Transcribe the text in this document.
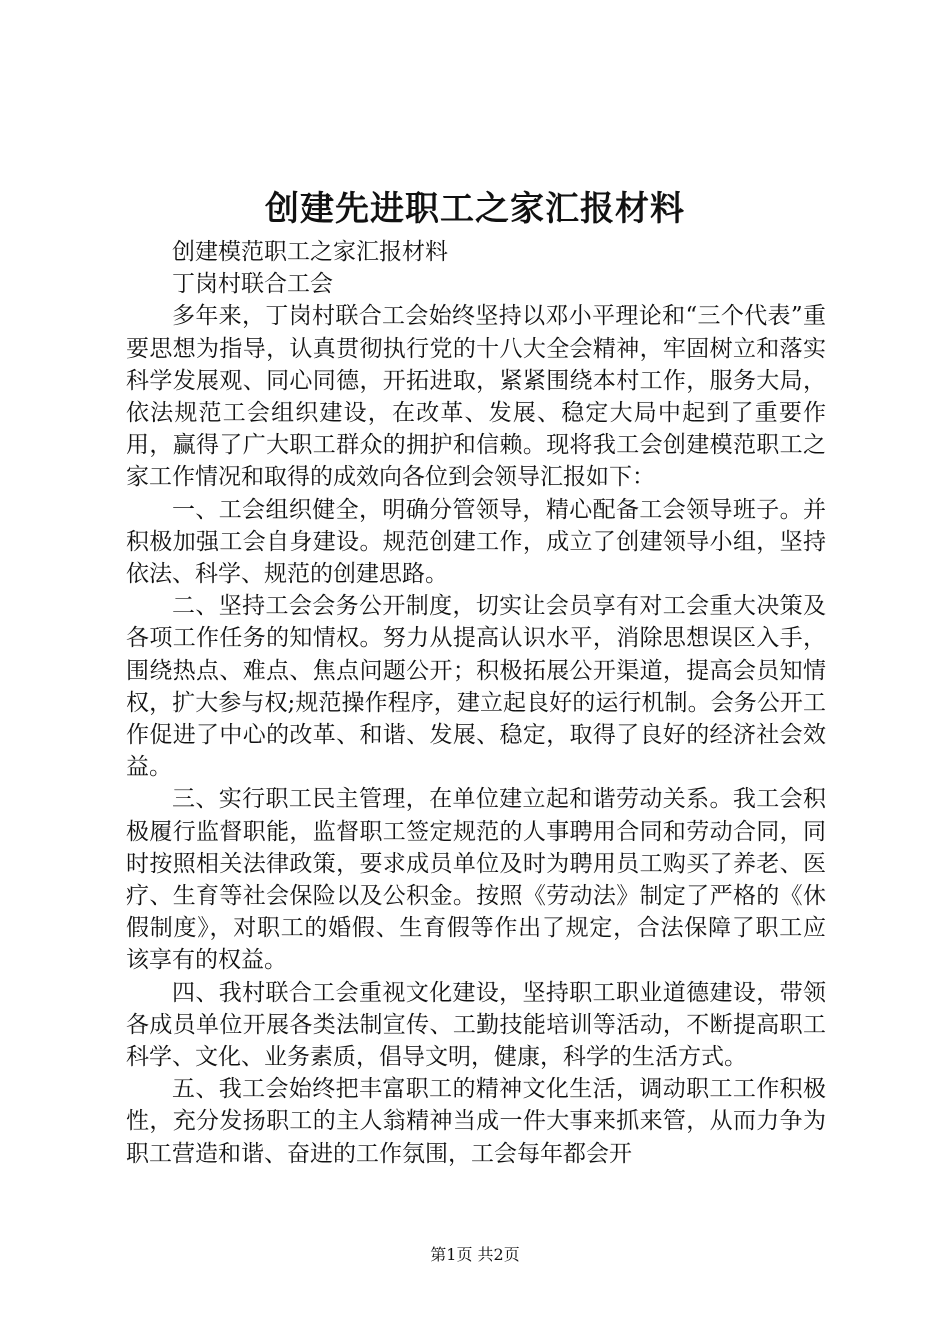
创建先进职工之家汇报材料

创建模范职工之家汇报材料

丁岗村联合工会

多年来，丁岗村联合工会始终坚持以邓小平理论和“三个代表”重要思想为指导，认真贯彻执行党的十八大全会精神，牢固树立和落实科学发展观、同心同德，开拓进取，紧紧围绕本村工作，服务大局，依法规范工会组织建设，在改革、发展、稳定大局中起到了重要作用，赢得了广大职工群众的拥护和信赖。现将我工会创建模范职工之家工作情况和取得的成效向各位到会领导汇报如下：

一、工会组织健全，明确分管领导，精心配备工会领导班子。并积极加强工会自身建设。规范创建工作，成立了创建领导小组，坚持依法、科学、规范的创建思路。

二、坚持工会会务公开制度，切实让会员享有对工会重大决策及各项工作任务的知情权。努力从提高认识水平，消除思想误区入手，围绕热点、难点、焦点问题公开；积极拓展公开渠道，提高会员知情权，扩大参与权;规范操作程序，建立起良好的运行机制。会务公开工作促进了中心的改革、和谐、发展、稳定，取得了良好的经济社会效益。

三、实行职工民主管理，在单位建立起和谐劳动关系。我工会积极履行监督职能，监督职工签定规范的人事聘用合同和劳动合同，同时按照相关法律政策，要求成员单位及时为聘用员工购买了养老、医疗、生育等社会保险以及公积金。按照《劳动法》制定了严格的《休假制度》，对职工的婚假、生育假等作出了规定，合法保障了职工应该享有的权益。

四、我村联合工会重视文化建设，坚持职工职业道德建设，带领各成员单位开展各类法制宣传、工勤技能培训等活动，不断提高职工科学、文化、业务素质，倡导文明，健康，科学的生活方式。

五、我工会始终把丰富职工的精神文化生活，调动职工工作积极性，充分发扬职工的主人翁精神当成一件大事来抓来管，从而力争为职工营造和谐、奋进的工作氛围，工会每年都会开

第1页 共2页
